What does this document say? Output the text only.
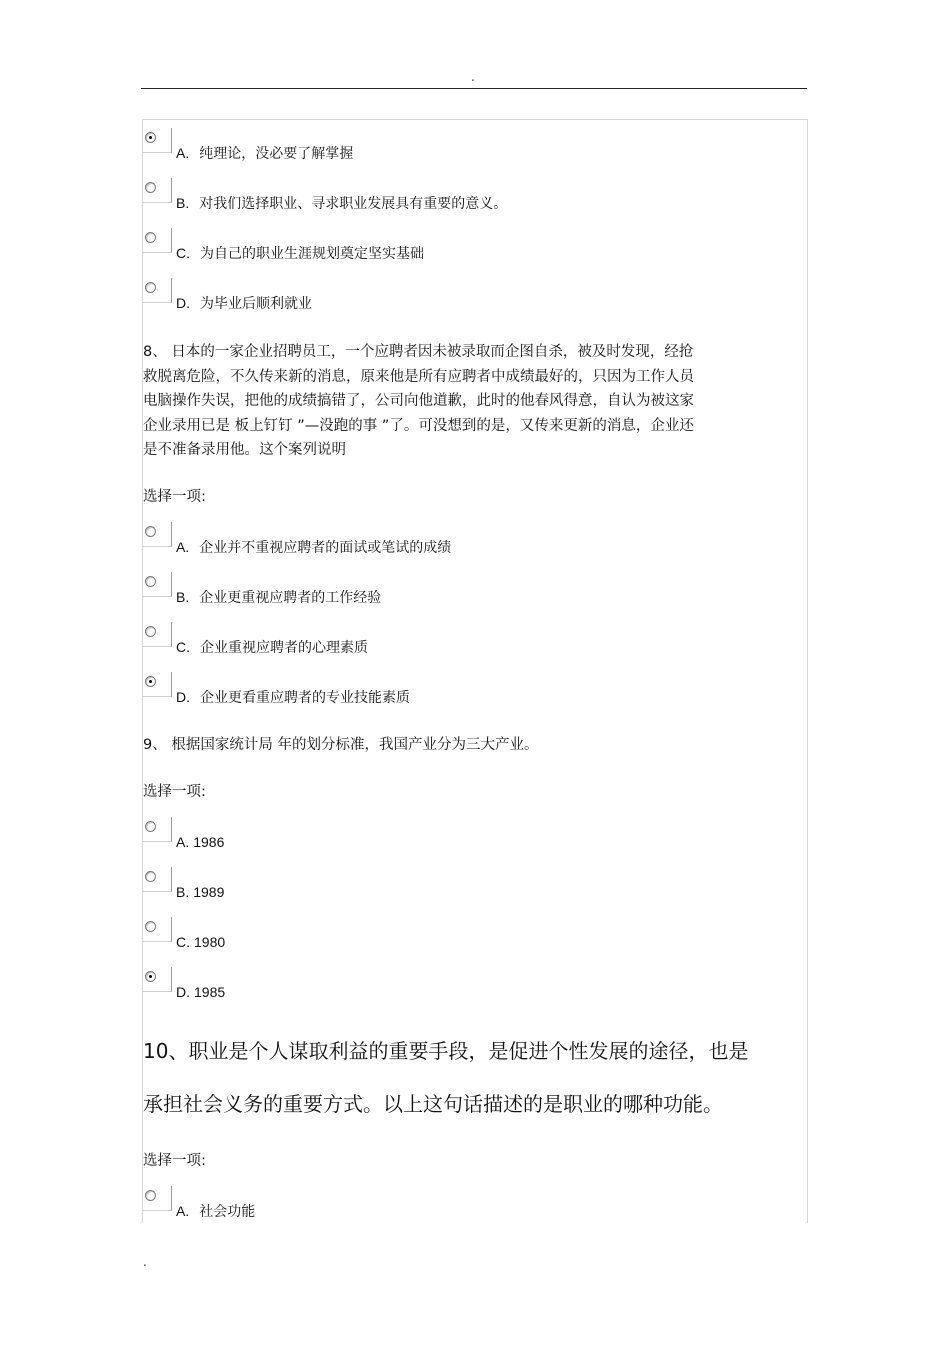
.
A. 纯理论，没必要了解掌握
B. 对我们选择职业、寻求职业发展具有重要的意义。
C. 为自己的职业生涯规划奠定坚实基础
D. 为毕业后顺利就业
8、 日本的一家企业招聘员工，一个应聘者因未被录取而企图自杀，被及时发现，经抢
救脱离危险，不久传来新的消息，原来他是所有应聘者中成绩最好的，只因为工作人员
电脑操作失误，把他的成绩搞错了，公司向他道歉，此时的他春风得意，自认为被这家
企业录用已是 板上钉钉 ”—没跑的事 ”了。可没想到的是，又传来更新的消息，企业还
是不准备录用他。这个案列说明
选择一项:
A. 企业并不重视应聘者的面试或笔试的成绩
B. 企业更重视应聘者的工作经验
C. 企业重视应聘者的心理素质
D. 企业更看重应聘者的专业技能素质
9、 根据国家统计局 年的划分标准，我国产业分为三大产业。
选择一项:
A. 1986
B. 1989
C. 1980
D. 1985
10、职业是个人谋取利益的重要手段，是促进个性发展的途径，也是
承担社会义务的重要方式。以上这句话描述的是职业的哪种功能。
选择一项:
A. 社会功能
.
